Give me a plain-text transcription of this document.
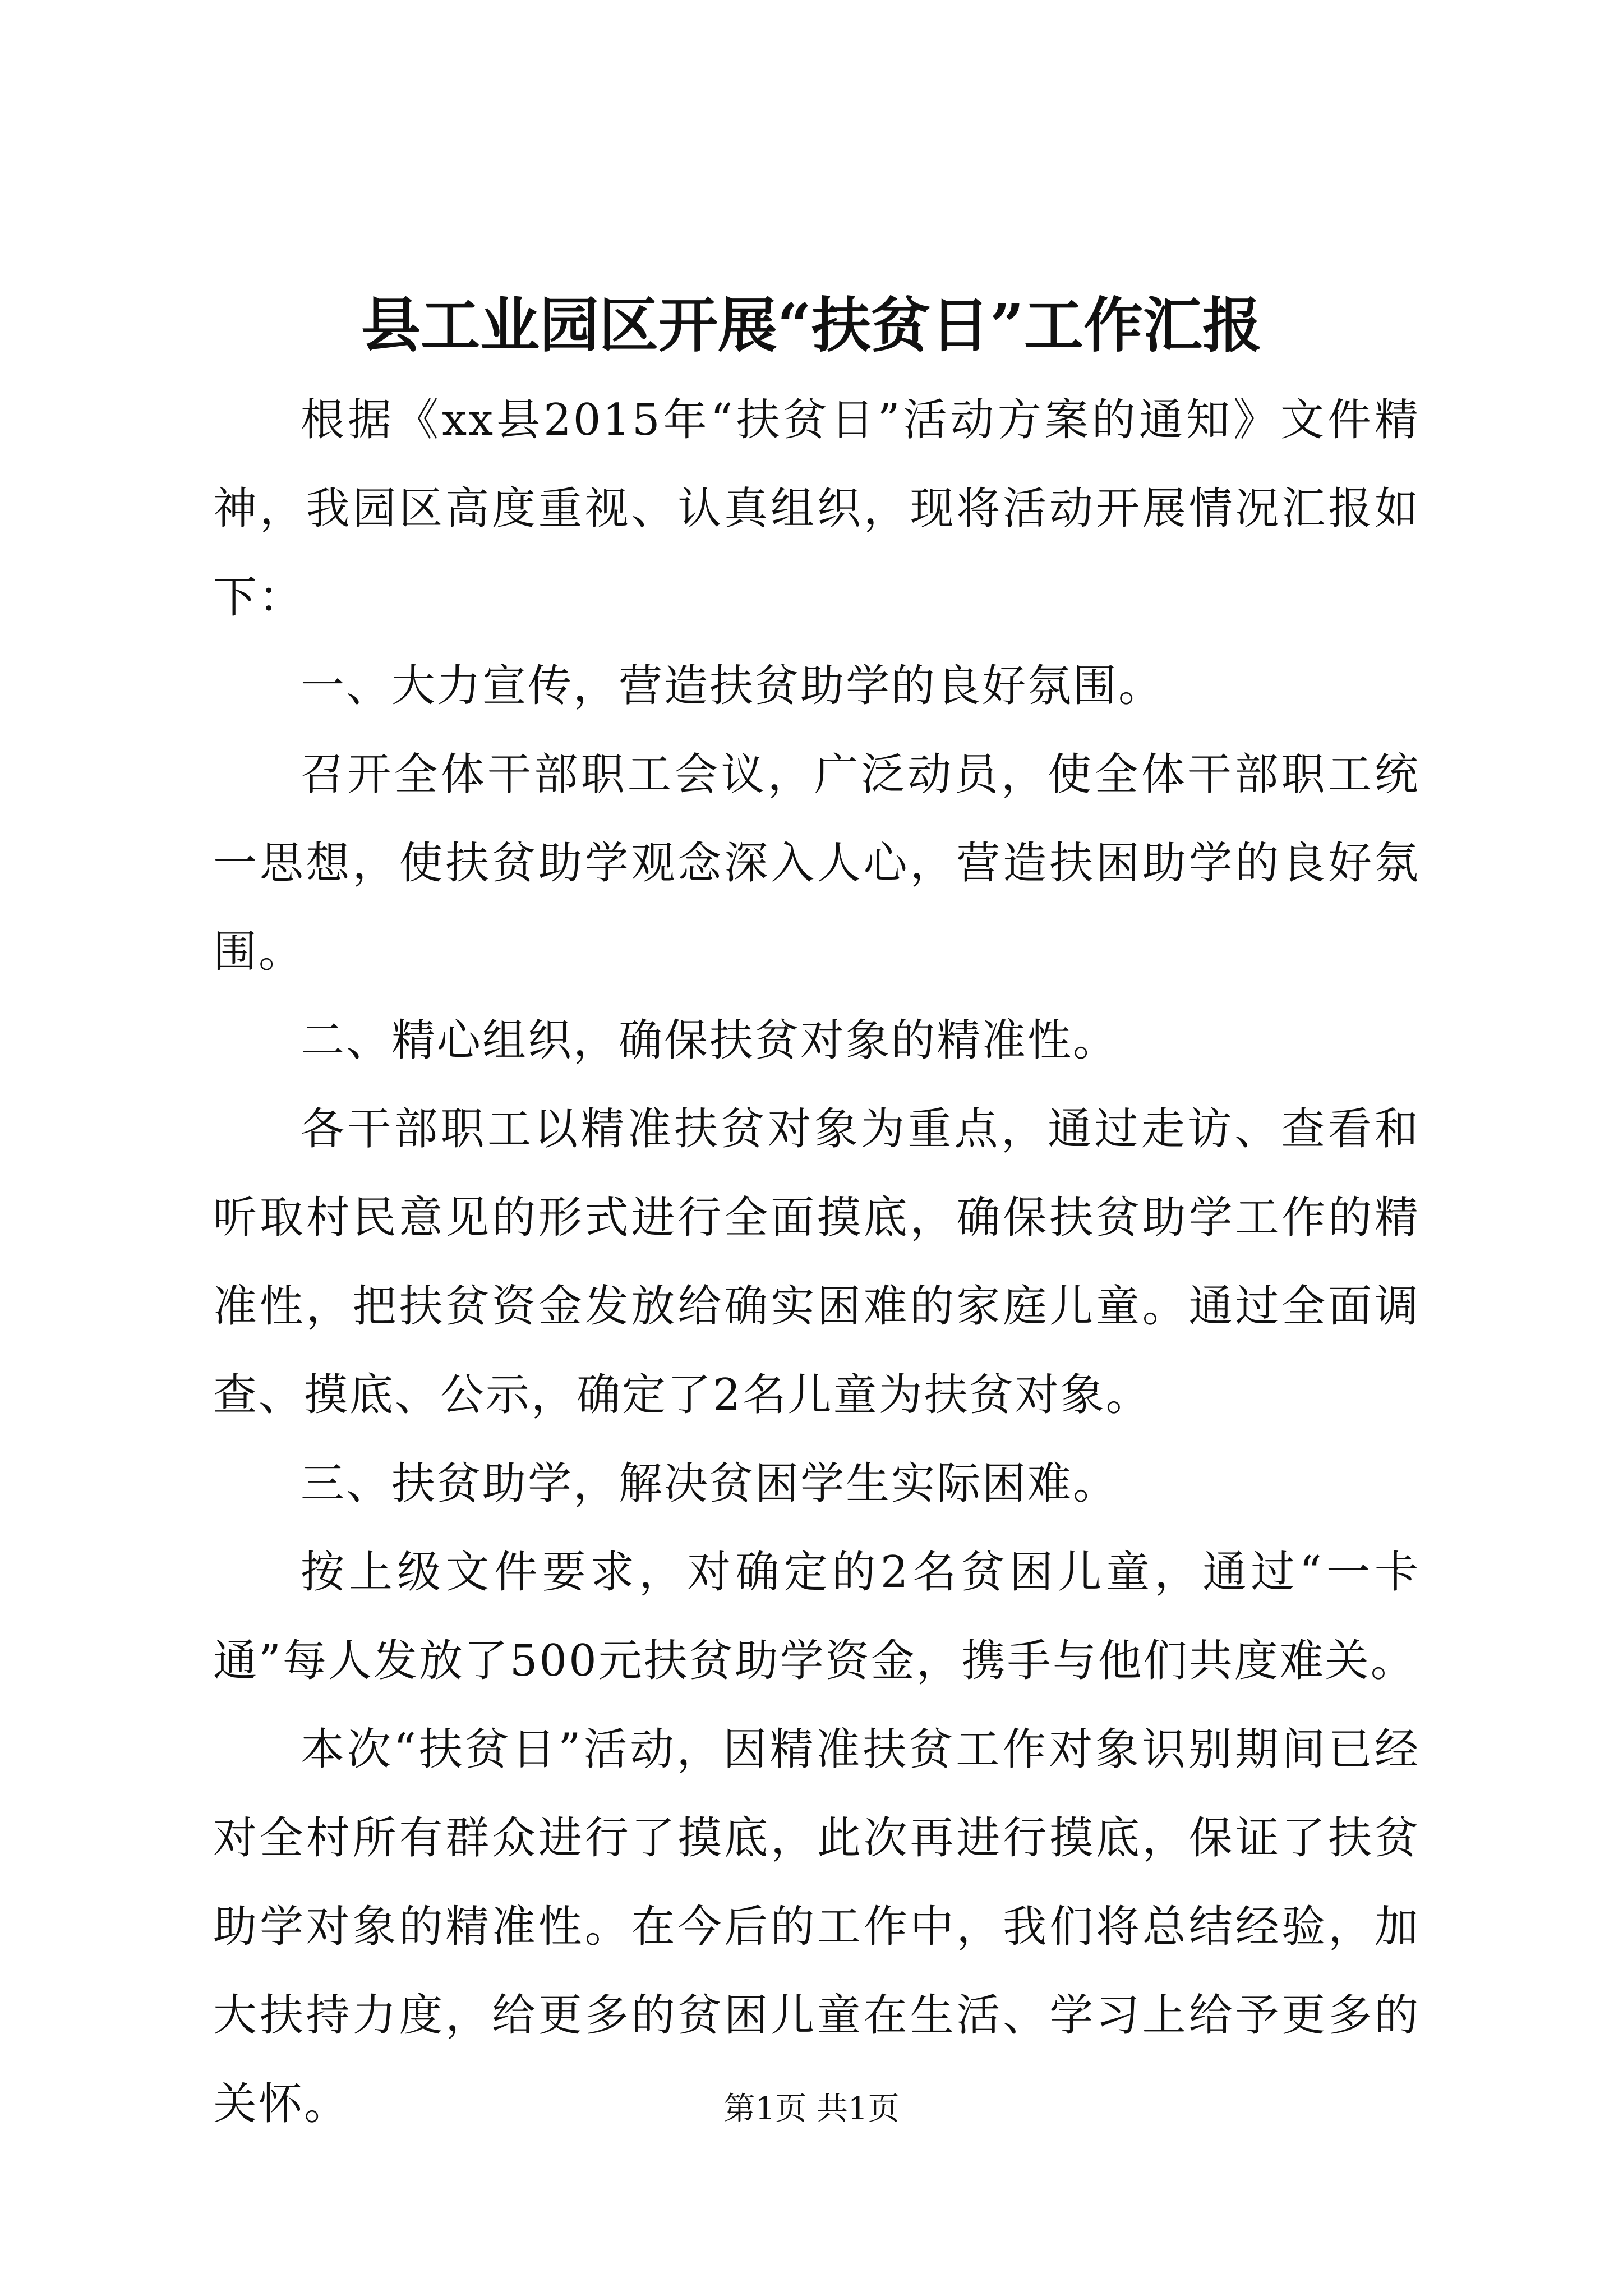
县工业园区开展“扶贫日”工作汇报

根据《xx县2015年“扶贫日”活动方案的通知》文件精神，我园区高度重视、认真组织，现将活动开展情况汇报如下：

一、大力宣传，营造扶贫助学的良好氛围。

召开全体干部职工会议，广泛动员，使全体干部职工统一思想，使扶贫助学观念深入人心，营造扶困助学的良好氛围。

二、精心组织，确保扶贫对象的精准性。

各干部职工以精准扶贫对象为重点，通过走访、查看和听取村民意见的形式进行全面摸底，确保扶贫助学工作的精准性，把扶贫资金发放给确实困难的家庭儿童。通过全面调查、摸底、公示，确定了2名儿童为扶贫对象。

三、扶贫助学，解决贫困学生实际困难。

按上级文件要求，对确定的2名贫困儿童，通过“一卡通”每人发放了500元扶贫助学资金，携手与他们共度难关。

本次“扶贫日”活动，因精准扶贫工作对象识别期间已经对全村所有群众进行了摸底，此次再进行摸底，保证了扶贫助学对象的精准性。在今后的工作中，我们将总结经验，加大扶持力度，给更多的贫困儿童在生活、学习上给予更多的关怀。	第1页 共1页
